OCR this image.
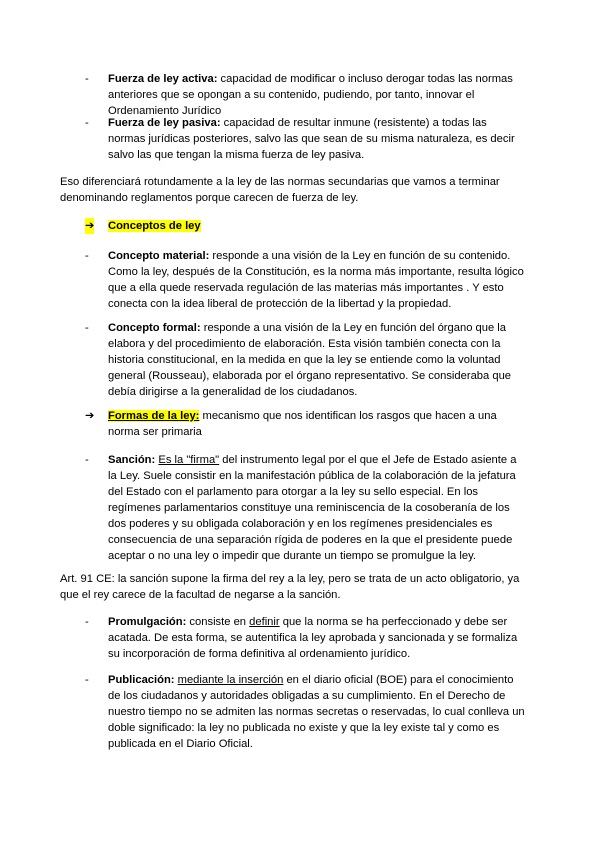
-	Fuerza de ley activa: capacidad de modificar o incluso derogar todas las normas anteriores que se opongan a su contenido, pudiendo, por tanto, innovar el Ordenamiento Jurídico
-	Fuerza de ley pasiva: capacidad de resultar inmune (resistente) a todas las normas jurídicas posteriores, salvo las que sean de su misma naturaleza, es decir salvo las que tengan la misma fuerza de ley pasiva.

Eso diferenciará rotundamente a la ley de las normas secundarias que vamos a terminar denominando reglamentos porque carecen de fuerza de ley.

➔ Conceptos de ley
-	Concepto material: responde a una visión de la Ley en función de su contenido. Como la ley, después de la Constitución, es la norma más importante, resulta lógico que a ella quede reservada regulación de las materias más importantes . Y esto conecta con la idea liberal de protección de la libertad y la propiedad.
-	Concepto formal: responde a una visión de la Ley en función del órgano que la elabora y del procedimiento de elaboración. Esta visión también conecta con la historia constitucional, en la medida en que la ley se entiende como la voluntad general (Rousseau), elaborada por el órgano representativo. Se consideraba que debía dirigirse a la generalidad de los ciudadanos.
➔ Formas de la ley: mecanismo que nos identifican los rasgos que hacen a una norma ser primaria
-	Sanción: Es la "firma" del instrumento legal por el que el Jefe de Estado asiente a la Ley. Suele consistir en la manifestación pública de la colaboración de la jefatura del Estado con el parlamento para otorgar a la ley su sello especial. En los regímenes parlamentarios constituye una reminiscencia de la cosoberanía de los dos poderes y su obligada colaboración y en los regímenes presidenciales es consecuencia de una separación rígida de poderes en la que el presidente puede aceptar o no una ley o impedir que durante un tiempo se promulgue la ley.

Art. 91 CE: la sanción supone la firma del rey a la ley, pero se trata de un acto obligatorio, ya que el rey carece de la facultad de negarse a la sanción.

-	Promulgación: consiste en definir que la norma se ha perfeccionado y debe ser acatada. De esta forma, se autentifica la ley aprobada y sancionada y se formaliza su incorporación de forma definitiva al ordenamiento jurídico.
-	Publicación: mediante la inserción en el diario oficial (BOE) para el conocimiento de los ciudadanos y autoridades obligadas a su cumplimiento. En el Derecho de nuestro tiempo no se admiten las normas secretas o reservadas, lo cual conlleva un doble significado: la ley no publicada no existe y que la ley existe tal y como es publicada en el Diario Oficial.
